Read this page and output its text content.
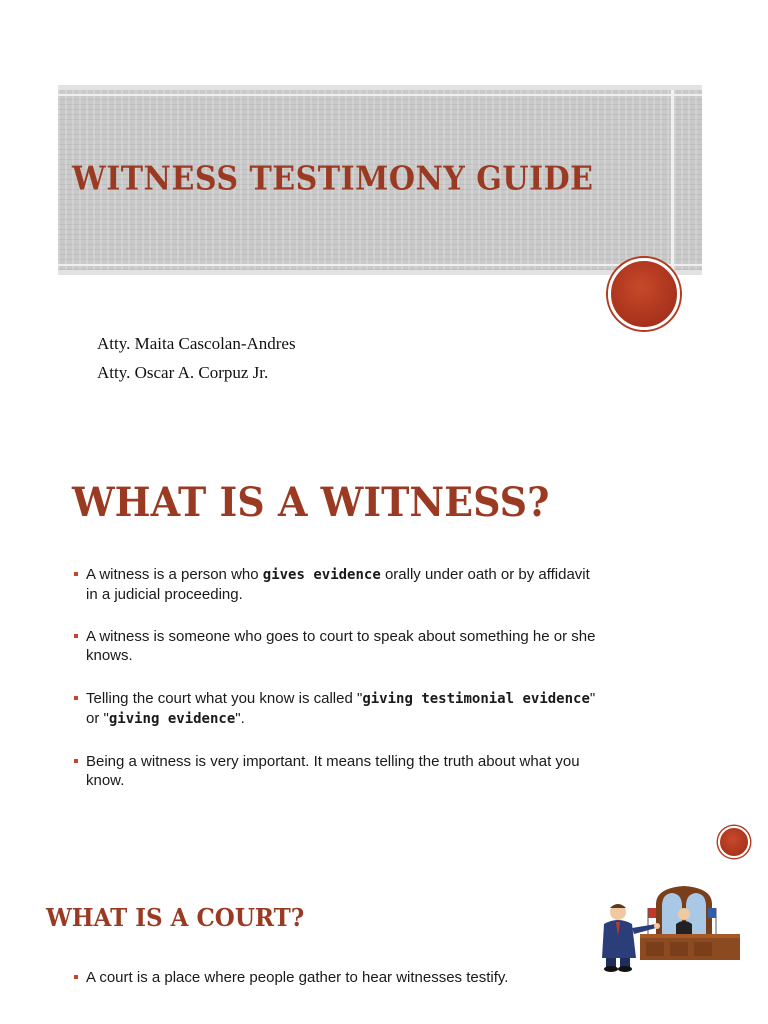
WITNESS TESTIMONY GUIDE
Atty. Maita Cascolan-Andres
Atty. Oscar A. Corpuz Jr.
WHAT IS A WITNESS?
A witness is a person who gives evidence orally under oath or by affidavit in a judicial proceeding.
A witness is someone who goes to court to speak about something he or she knows.
Telling the court what you know is called "giving testimonial evidence" or "giving evidence".
Being a witness is very important. It means telling the truth about what you know.
WHAT IS A COURT?
A court is a place where people gather to hear witnesses testify.
